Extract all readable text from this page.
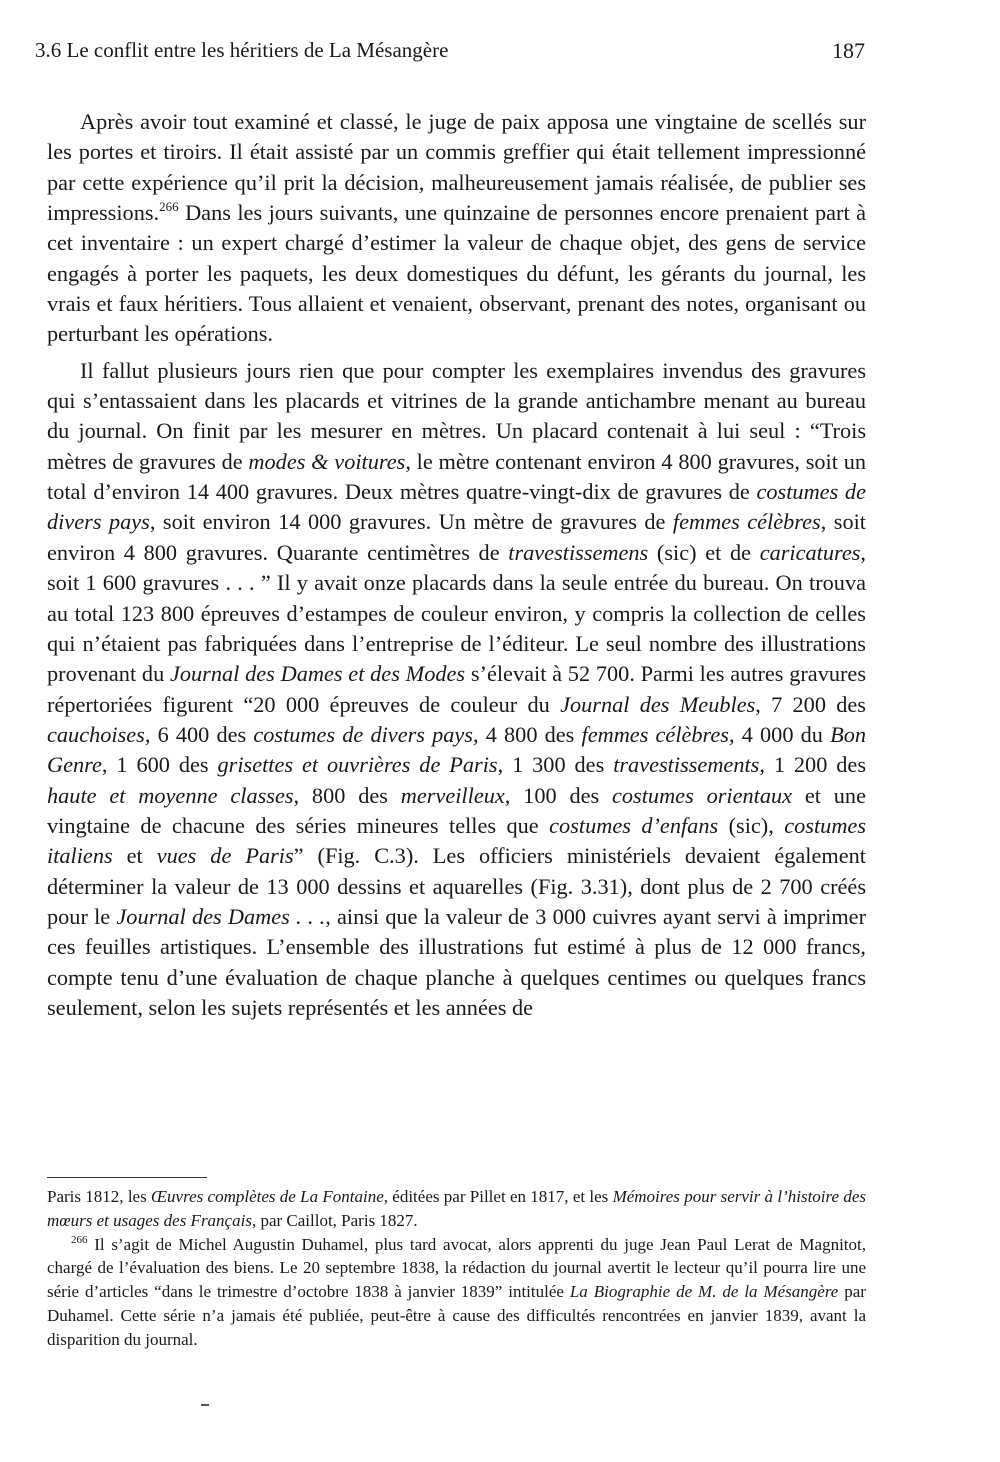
3.6 Le conflit entre les héritiers de La Mésangère	187

Après avoir tout examiné et classé, le juge de paix apposa une vingtaine de scellés sur les portes et tiroirs. Il était assisté par un commis greffier qui était tellement impressionné par cette expérience qu’il prit la décision, malheureusement jamais réalisée, de publier ses impressions.$^{266}$ Dans les jours suivants, une quinzaine de personnes encore prenaient part à cet inventaire : un expert chargé d’estimer la valeur de chaque objet, des gens de service engagés à porter les paquets, les deux domestiques du défunt, les gérants du journal, les vrais et faux héritiers. Tous allaient et venaient, observant, prenant des notes, organisant ou perturbant les opérations.

Il fallut plusieurs jours rien que pour compter les exemplaires invendus des gravures qui s’entassaient dans les placards et vitrines de la grande antichambre menant au bureau du journal. On finit par les mesurer en mètres. Un placard contenait à lui seul : “Trois mètres de gravures de modes & voitures, le mètre contenant environ 4 800 gravures, soit un total d’environ 14 400 gravures. Deux mètres quatre-vingt-dix de gravures de costumes de divers pays, soit environ 14 000 gravures. Un mètre de gravures de femmes célèbres, soit environ 4 800 gravures. Quarante centimètres de travestissemens (sic) et de caricatures, soit 1 600 gravures . . . ” Il y avait onze placards dans la seule entrée du bureau. On trouva au total 123 800 épreuves d’estampes de couleur environ, y compris la collection de celles qui n’étaient pas fabriquées dans l’entreprise de l’éditeur. Le seul nombre des illustrations provenant du Journal des Dames et des Modes s’élevait à 52 700. Parmi les autres gravures répertoriées figurent “20 000 épreuves de couleur du Journal des Meubles, 7 200 des cauchoises, 6 400 des costumes de divers pays, 4 800 des femmes célèbres, 4 000 du Bon Genre, 1 600 des grisettes et ouvrières de Paris, 1 300 des travestissements, 1 200 des haute et moyenne classes, 800 des merveilleux, 100 des costumes orientaux et une vingtaine de chacune des séries mineures telles que costumes d’enfans (sic), costumes italiens et vues de Paris” (Fig. C.3). Les officiers ministériels devaient également déterminer la valeur de 13 000 dessins et aquarelles (Fig. 3.31), dont plus de 2 700 créés pour le Journal des Dames . . ., ainsi que la valeur de 3 000 cuivres ayant servi à imprimer ces feuilles artistiques. L’ensemble des illustrations fut estimé à plus de 12 000 francs, compte tenu d’une évaluation de chaque planche à quelques centimes ou quelques francs seulement, selon les sujets représentés et les années de

Paris 1812, les Œuvres complètes de La Fontaine, éditées par Pillet en 1817, et les Mémoires pour servir à l’histoire des mœurs et usages des Français, par Caillot, Paris 1827.

$^{266}$ Il s’agit de Michel Augustin Duhamel, plus tard avocat, alors apprenti du juge Jean Paul Lerat de Magnitot, chargé de l’évaluation des biens. Le 20 septembre 1838, la rédaction du journal avertit le lecteur qu’il pourra lire une série d’articles “dans le trimestre d’octobre 1838 à janvier 1839” intitulée La Biographie de M. de la Mésangère par Duhamel. Cette série n’a jamais été publiée, peut-être à cause des difficultés rencontrées en janvier 1839, avant la disparition du journal.
